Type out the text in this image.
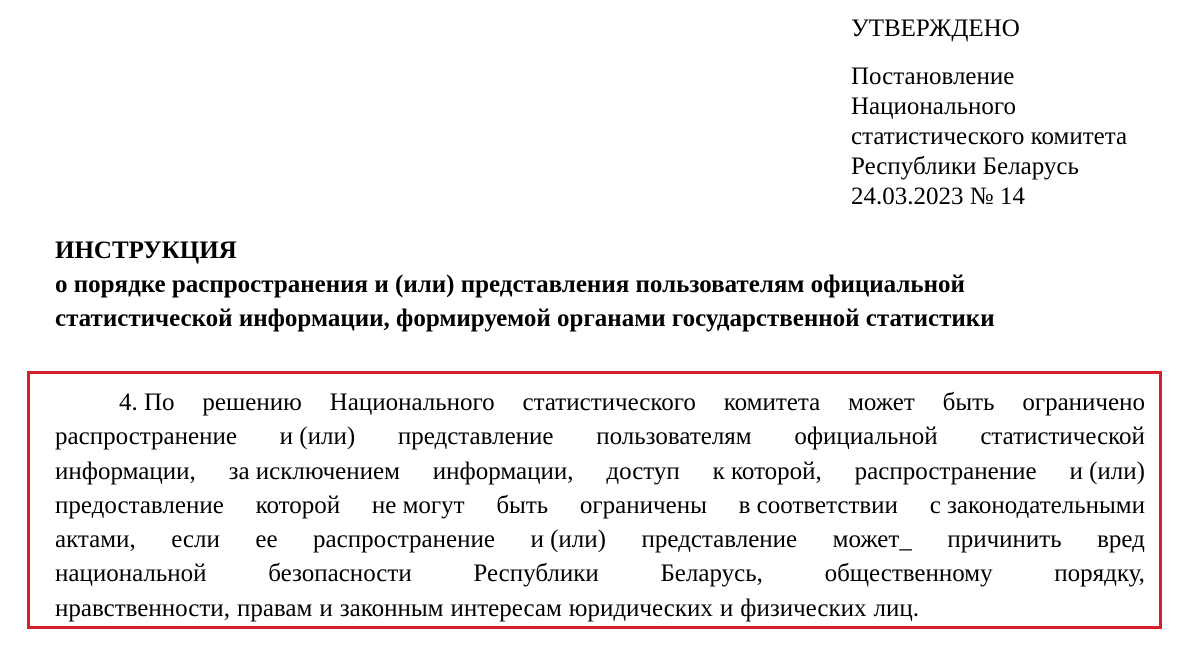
УТВЕРЖДЕНО
Постановление
Национального
статистического комитета
Республики Беларусь
24.03.2023 № 14
ИНСТРУКЦИЯ
о порядке распространения и (или) представления пользователям официальной
статистической информации, формируемой органами государственной статистики
4. По решению Национального статистического комитета может быть ограничено
распространение и (или) представление пользователям официальной статистической
информации, за исключением информации, доступ к которой, распространение и (или)
предоставление которой не могут быть ограничены в соответствии с законодательными
актами, если ее распространение и (или) представление может_ причинить вред
национальной безопасности Республики Беларусь, общественному порядку,
нравственности, правам и законным интересам юридических и физических лиц.
